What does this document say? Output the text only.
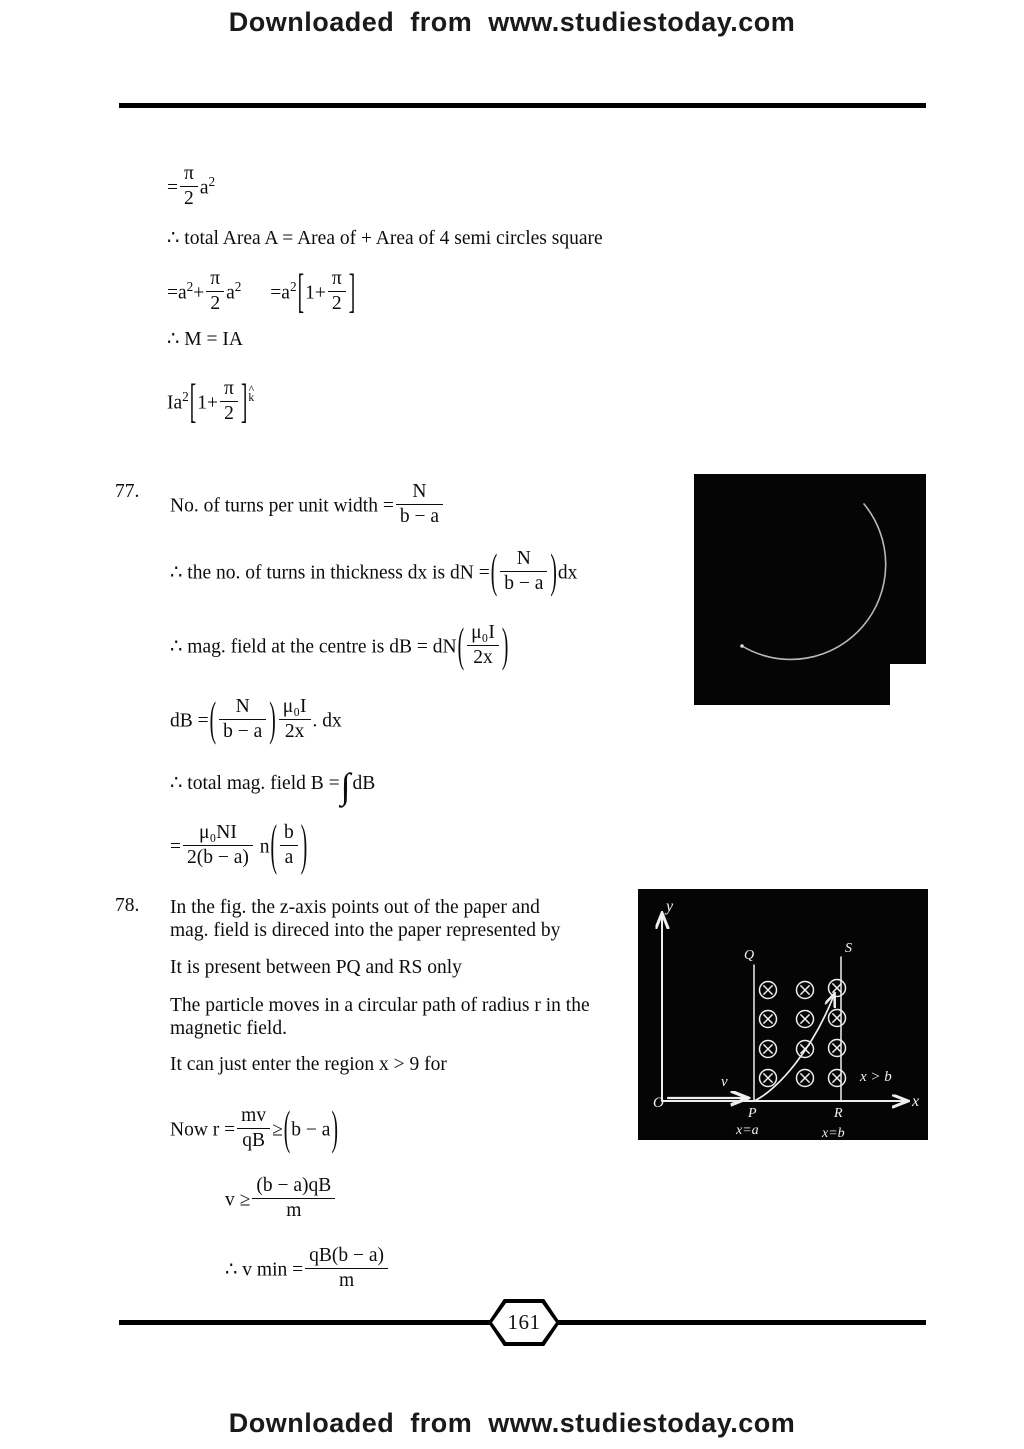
Downloaded  from  www.studiestoday.com
= $\frac{\pi}{2} a^2$
∴ total Area A = Area of + Area of 4 semi circles square
$=a^2+ \frac{\pi}{2} a^2 =a^2[1+ \frac{\pi}{2}$ ]
∴ M = IA
$Ia^2[1+ \frac{\pi}{2}$ ]^ k
77.
No. of turns per unit width = $\frac{N}{b - a}$
∴ the no. of turns in thickness dx is dN =( $\frac{N}{b - a} )dx$
∴ mag. field at the centre is dB = $dN( \frac{\text{μ₀I}}{2x}$ )
dB =( $\frac{N}{b - a}$ ) $\frac{\text{μ₀I}}{2x}$ . dx
∴ total mag. field B =∫ dB
= $\frac{\text{μ₀NI}}{2(b - a)} n( \frac{b}{a}$ )
78. In the fig. the z-axis points out of the paper and
mag. field is direced into the paper represented by
It is present between PQ and RS only
The particle moves in a circular path of radius r in the
magnetic field.
It can just enter the region x > 9 for
Now $r = \frac{mv}{qB} \ge(b - a)$
$v \ge \frac{(b - a)qB}{m}$
∴ v $\min = \frac{qB(b - a)}{m}$
O
y
x
v
P
Q
R
S
x=a	x=b
x > b
161
Downloaded  from  www.studiestoday.com
